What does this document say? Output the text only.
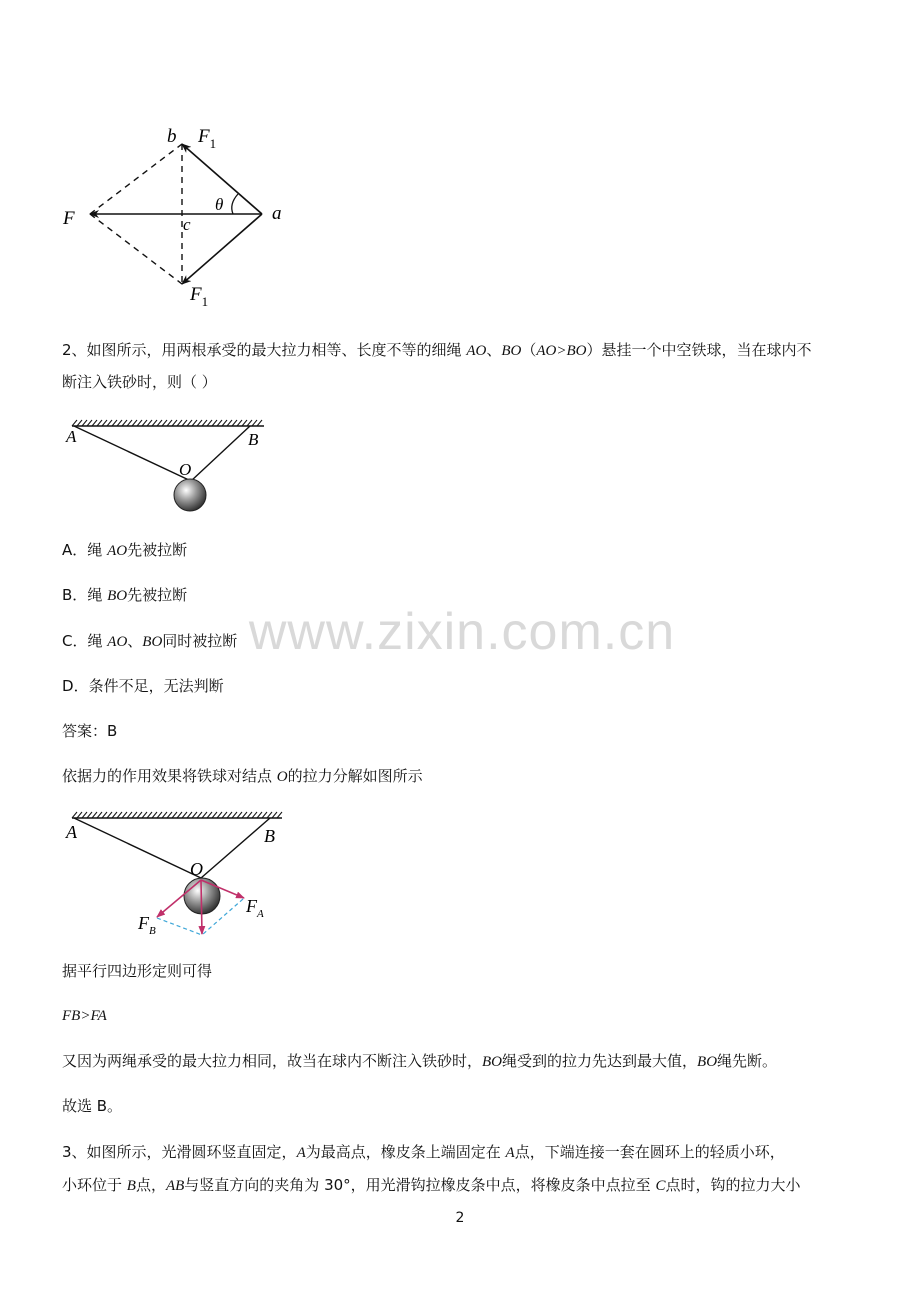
b $F_1$
F	c
θ	a
$F_1$
2、如图所示，用两根承受的最大拉力相等、长度不等的细绳 AO、BO（AO>BO）悬挂一个中空铁球，当在球内不
断注入铁砂时，则（ ）
A	B
O
A．绳 AO先被拉断
B．绳 BO先被拉断
C．绳 AO、BO同时被拉断
D．条件不足，无法判断
www.zixin.com.cn
答案：B
依据力的作用效果将铁球对结点 O的拉力分解如图所示
A	B
O
$F_A$
$F_B$
据平行四边形定则可得
FB>FA
又因为两绳承受的最大拉力相同，故当在球内不断注入铁砂时，BO绳受到的拉力先达到最大值，BO绳先断。
故选 B。
3、如图所示，光滑圆环竖直固定，A为最高点，橡皮条上端固定在 A点，下端连接一套在圆环上的轻质小环，
小环位于 B点，AB与竖直方向的夹角为 30°，用光滑钩拉橡皮条中点，将橡皮条中点拉至 C点时，钩的拉力大小
2
